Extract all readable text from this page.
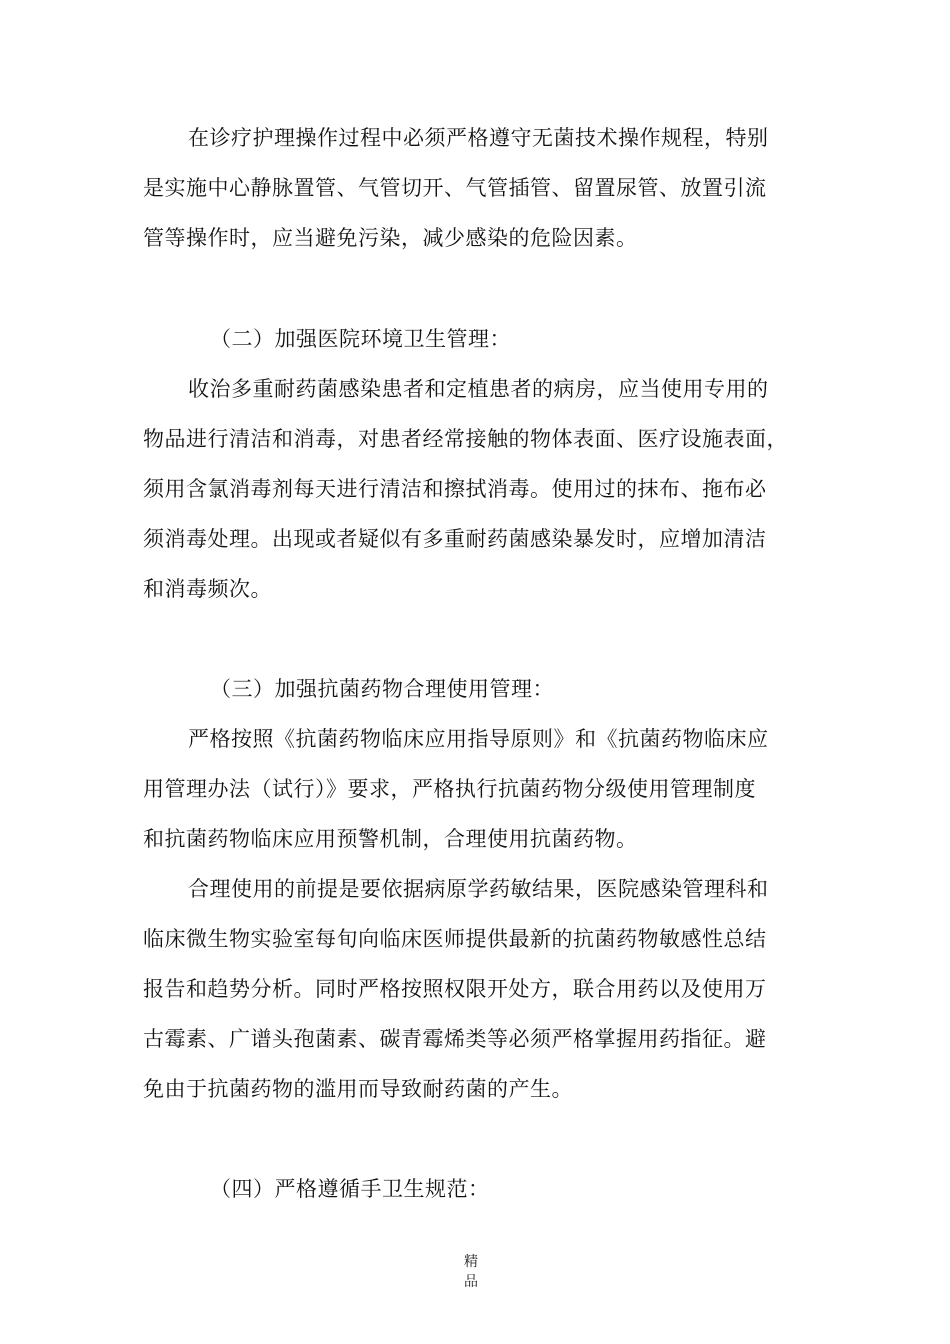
在诊疗护理操作过程中必须严格遵守无菌技术操作规程，特别
是实施中心静脉置管、气管切开、气管插管、留置尿管、放置引流
管等操作时，应当避免污染，减少感染的危险因素。
（二）加强医院环境卫生管理：
收治多重耐药菌感染患者和定植患者的病房，应当使用专用的
物品进行清洁和消毒，对患者经常接触的物体表面、医疗设施表面，
须用含氯消毒剂每天进行清洁和擦拭消毒。使用过的抹布、拖布必
须消毒处理。出现或者疑似有多重耐药菌感染暴发时，应增加清洁
和消毒频次。
（三）加强抗菌药物合理使用管理：
严格按照《抗菌药物临床应用指导原则》和《抗菌药物临床应
用管理办法（试行）》要求，严格执行抗菌药物分级使用管理制度
和抗菌药物临床应用预警机制，合理使用抗菌药物。
合理使用的前提是要依据病原学药敏结果，医院感染管理科和
临床微生物实验室每旬向临床医师提供最新的抗菌药物敏感性总结
报告和趋势分析。同时严格按照权限开处方，联合用药以及使用万
古霉素、广谱头孢菌素、碳青霉烯类等必须严格掌握用药指征。避
免由于抗菌药物的滥用而导致耐药菌的产生。
（四）严格遵循手卫生规范：
精
品
